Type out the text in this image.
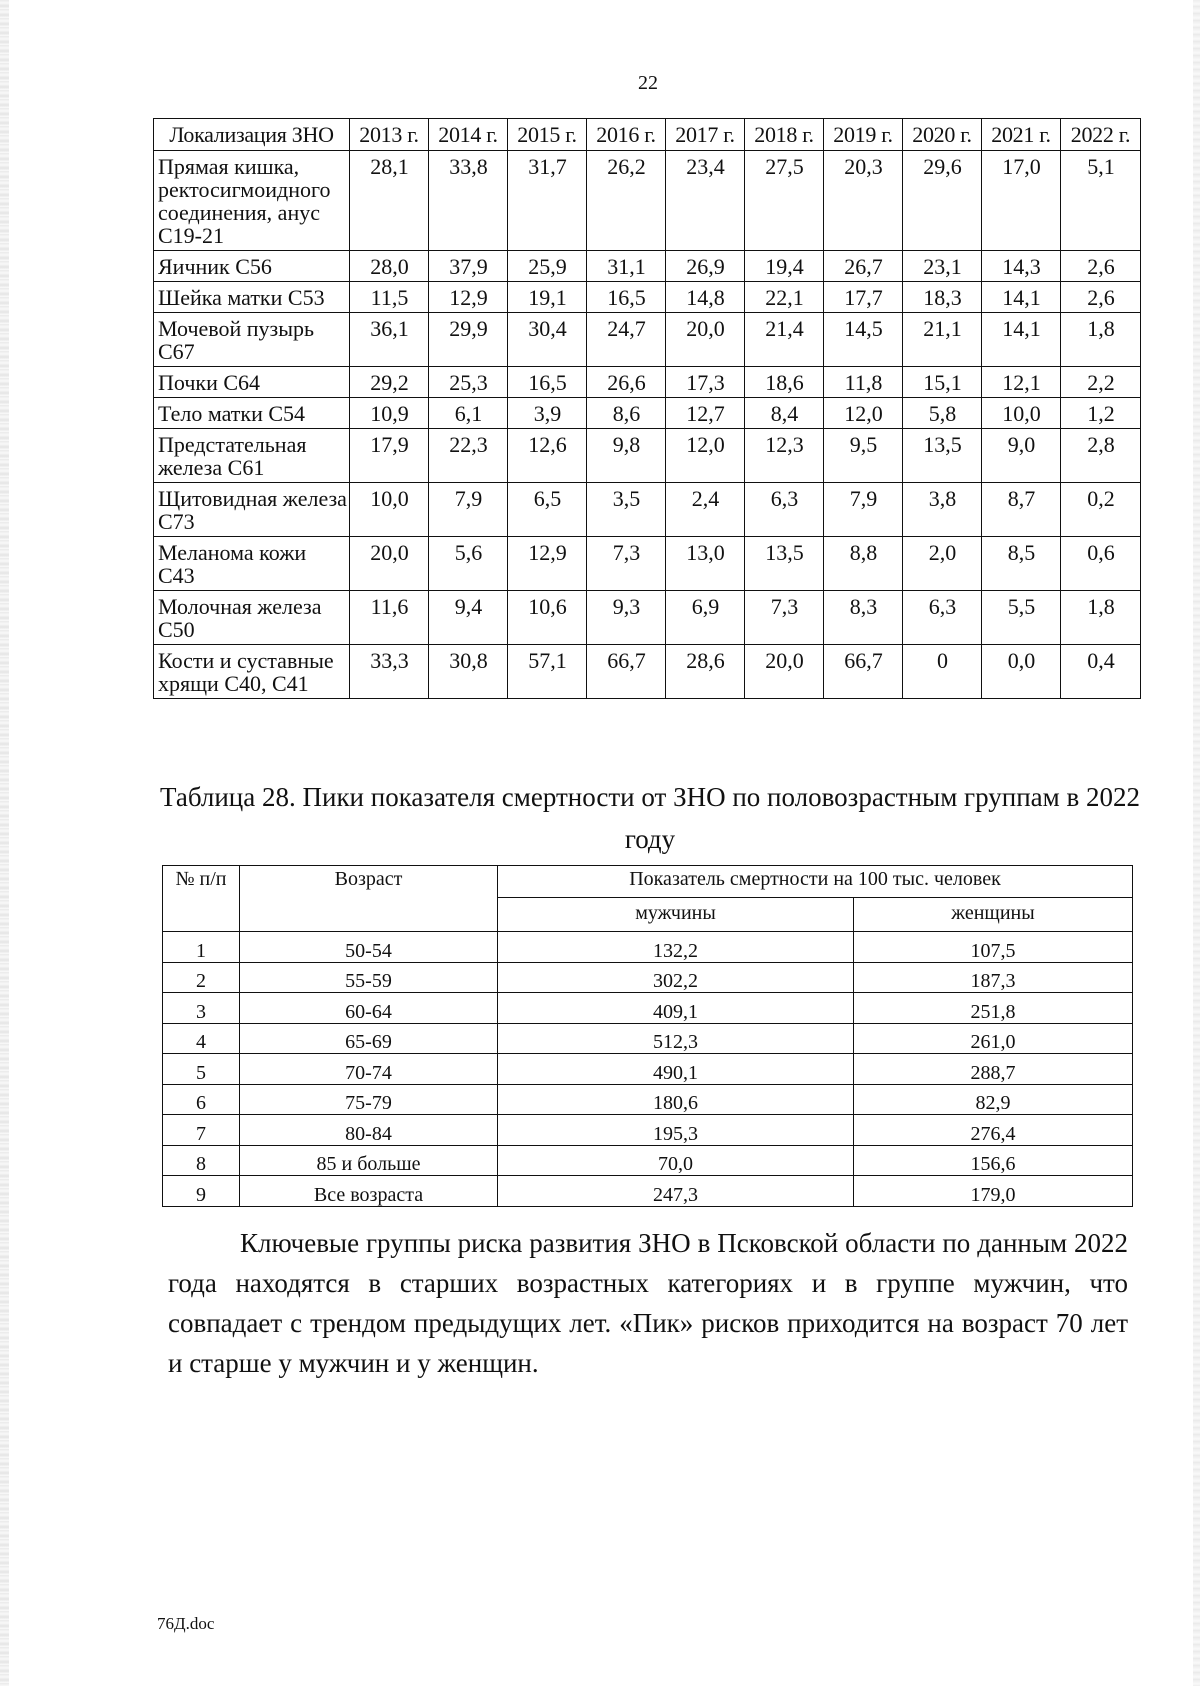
22
Локализация ЗНО	2013 г.	2014 г.	2015 г.	2016 г.	2017 г.	2018 г.	2019 г.	2020 г.	2021 г.	2022 г.
Прямая кишка, ректосигмоидного соединения, анус С19-21	28,1	33,8	31,7	26,2	23,4	27,5	20,3	29,6	17,0	5,1
Яичник С56	28,0	37,9	25,9	31,1	26,9	19,4	26,7	23,1	14,3	2,6
Шейка матки С53	11,5	12,9	19,1	16,5	14,8	22,1	17,7	18,3	14,1	2,6
Мочевой пузырь С67	36,1	29,9	30,4	24,7	20,0	21,4	14,5	21,1	14,1	1,8
Почки С64	29,2	25,3	16,5	26,6	17,3	18,6	11,8	15,1	12,1	2,2
Тело матки С54	10,9	6,1	3,9	8,6	12,7	8,4	12,0	5,8	10,0	1,2
Предстательная железа С61	17,9	22,3	12,6	9,8	12,0	12,3	9,5	13,5	9,0	2,8
Щитовидная железа С73	10,0	7,9	6,5	3,5	2,4	6,3	7,9	3,8	8,7	0,2
Меланома кожи С43	20,0	5,6	12,9	7,3	13,0	13,5	8,8	2,0	8,5	0,6
Молочная железа С50	11,6	9,4	10,6	9,3	6,9	7,3	8,3	6,3	5,5	1,8
Кости и суставные хрящи С40, С41	33,3	30,8	57,1	66,7	28,6	20,0	66,7	0	0,0	0,4
Таблица 28. Пики показателя смертности от ЗНО по половозрастным группам в 2022 году
№ п/п	Возраст	Показатель смертности на 100 тыс. человек	
		мужчины	женщины
1	50-54	132,2	107,5
2	55-59	302,2	187,3
3	60-64	409,1	251,8
4	65-69	512,3	261,0
5	70-74	490,1	288,7
6	75-79	180,6	82,9
7	80-84	195,3	276,4
8	85 и больше	70,0	156,6
9	Все возраста	247,3	179,0

Ключевые группы риска развития ЗНО в Псковской области по данным 2022 года находятся в старших возрастных категориях и в группе мужчин, что совпадает с трендом предыдущих лет. «Пик» рисков приходится на возраст 70 лет и старше у мужчин и у женщин.

76Д.doc
